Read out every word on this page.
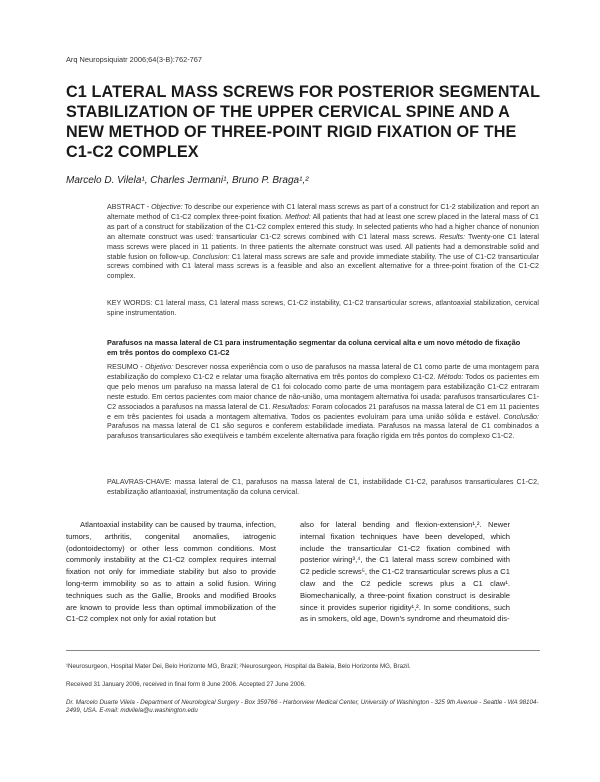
Arq Neuropsiquiatr 2006;64(3-B):762-767
C1 LATERAL MASS SCREWS FOR POSTERIOR SEGMENTAL STABILIZATION OF THE UPPER CERVICAL SPINE AND A NEW METHOD OF THREE-POINT RIGID FIXATION OF THE C1-C2 COMPLEX
Marcelo D. Vilela¹, Charles Jermani¹, Bruno P. Braga¹,²
ABSTRACT - Objective: To describe our experience with C1 lateral mass screws as part of a construct for C1-2 stabilization and report an alternate method of C1-C2 complex three-point fixation. Method: All patients that had at least one screw placed in the lateral mass of C1 as part of a construct for stabilization of the C1-C2 complex entered this study. In selected patients who had a higher chance of nonunion an alternate construct was used: transarticular C1-C2 screws combined with C1 lateral mass screws. Results: Twenty-one C1 lateral mass screws were placed in 11 patients. In three patients the alternate construct was used. All patients had a demonstrable solid and stable fusion on follow-up. Conclusion: C1 lateral mass screws are safe and provide immediate stability. The use of C1-C2 transarticular screws combined with C1 lateral mass screws is a feasible and also an excellent alternative for a three-point fixation of the C1-C2 complex.
KEY WORDS: C1 lateral mass, C1 lateral mass screws, C1-C2 instability, C1-C2 transarticular screws, atlantoaxial stabilization, cervical spine instrumentation.
Parafusos na massa lateral de C1 para instrumentação segmentar da coluna cervical alta e um novo método de fixação em três pontos do complexo C1-C2
RESUMO - Objetivo: Descrever nossa experiência com o uso de parafusos na massa lateral de C1 como parte de uma montagem para estabilização do complexo C1-C2 e relatar uma fixação alternativa em três pontos do complexo C1-C2. Método: Todos os pacientes em que pelo menos um parafuso na massa lateral de C1 foi colocado como parte de uma montagem para estabilização C1-C2 entraram neste estudo. Em certos pacientes com maior chance de não-união, uma montagem alternativa foi usada: parafusos transarticulares C1-C2 associados a parafusos na massa lateral de C1. Resultados: Foram colocados 21 parafusos na massa lateral de C1 em 11 pacientes e em três pacientes foi usada a montagem alternativa. Todos os pacientes evoluíram para uma união sólida e estável. Conclusão: Parafusos na massa lateral de C1 são seguros e conferem estabilidade imediata. Parafusos na massa lateral de C1 combinados a parafusos transarticulares são exeqüíveis e também excelente alternativa para fixação rígida em três pontos do complexo C1-C2.
PALAVRAS-CHAVE: massa lateral de C1, parafusos na massa lateral de C1, instabilidade C1-C2, parafusos transarticulares C1-C2, estabilização atlantoaxial, instrumentação da coluna cervical.
Atlantoaxial instability can be caused by trauma, infection, tumors, arthritis, congenital anomalies, iatrogenic (odontoidectomy) or other less common conditions. Most commonly instability at the C1-C2 complex requires internal fixation not only for immediate stability but also to provide long-term immobility so as to attain a solid fusion. Wiring techniques such as the Gallie, Brooks and modified Brooks are known to provide less than optimal immobilization of the C1-C2 complex not only for axial rotation but
also for lateral bending and flexion-extension¹,². Newer internal fixation techniques have been developed, which include the transarticular C1-C2 fixation combined with posterior wiring³,⁴, the C1 lateral mass screw combined with C2 pedicle screws⁵, the C1-C2 transarticular screws plus a C1 claw and the C2 pedicle screws plus a C1 claw¹. Biomechanically, a three-point fixation construct is desirable since it provides superior rigidity¹,². In some conditions, such as in smokers, old age, Down's syndrome and rheumatoid dis-
¹Neurosurgeon, Hospital Mater Dei, Belo Horizonte MG, Brazil; ²Neurosurgeon, Hospital da Baleia, Belo Horizonte MG, Brazil.
Received 31 January 2006, received in final form 8 June 2006. Accepted 27 June 2006.
Dr. Marcelo Duarte Vilela - Department of Neurological Surgery - Box 359766 - Harborview Medical Center, University of Washington - 325 9th Avenue - Seattle - WA 98104-2499, USA. E-mail: mdvilela@u.washington.edu
